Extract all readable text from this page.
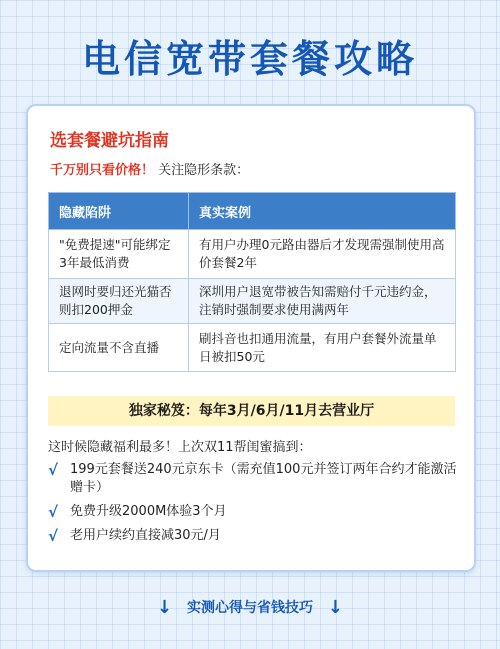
电信宽带套餐攻略
选套餐避坑指南
千万别只看价格！ 关注隐形条款：
隐藏陷阱	真实案例
"免费提速"可能绑定3年最低消费	有用户办理0元路由器后才发现需强制使用高价套餐2年
退网时要归还光猫否则扣200押金	深圳用户退宽带被告知需赔付千元违约金，注销时强制要求使用满两年
定向流量不含直播	刷抖音也扣通用流量，有用户套餐外流量单日被扣50元
独家秘笈：每年3月/6月/11月去营业厅
这时候隐藏福利最多！上次双11帮闺蜜搞到：
√ 199元套餐送240元京东卡（需充值100元并签订两年合约才能激活赠卡）
√ 免费升级2000M体验3个月
√ 老用户续约直接减30元/月
↓ 实测心得与省钱技巧 ↓
